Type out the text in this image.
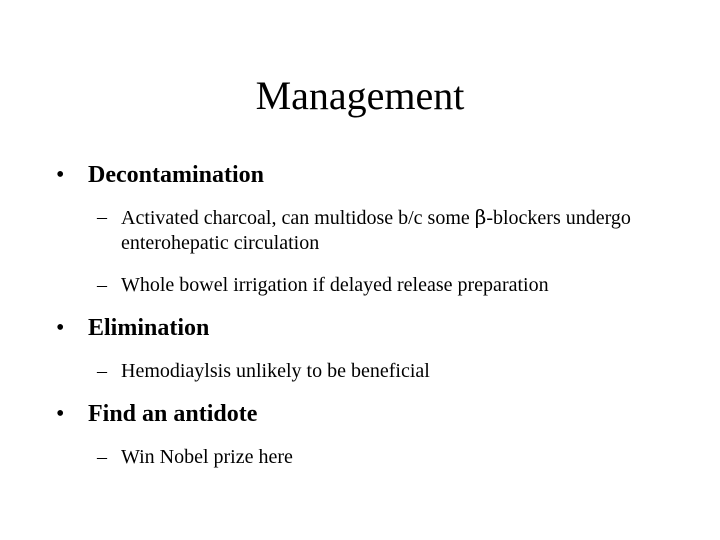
Management
• Decontamination
– Activated charcoal, can multidose b/c some β-blockers undergo enterohepatic circulation
– Whole bowel irrigation if delayed release preparation
• Elimination
– Hemodiaylsis unlikely to be beneficial
• Find an antidote
– Win Nobel prize here
